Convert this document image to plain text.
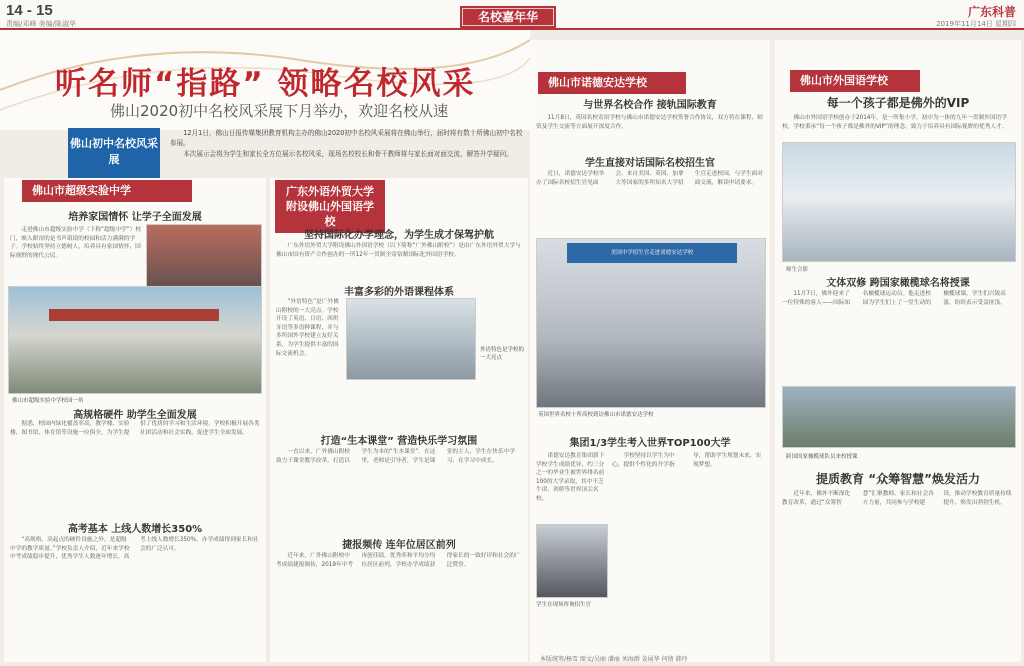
14 - 15
责编/邓峰 美编/陈淑华	名校嘉年华	广东科普
2019年11月14日 星期四
听名师“指路” 领略名校风采
佛山2020初中名校风采展下月举办，欢迎名校从速
佛山初中名校风采展

12月1日，佛山日报传媒集团教育机构主办的佛山2020初中名校风采展将在佛山举行，届时将有数十所佛山初中名校参展。

本次展示会将为学生和家长全方位展示名校风采，现场名校校长和骨干教师将与家长面对面交流，解答升学疑问。

佛山市超级实验中学
培养家国情怀 让学子全面发展

走进佛山市超级实验中学（下称“超级中学”）校门，映入眼帘的是书声琅琅的校园和活力满满的学子。学校始终坚持立德树人，培养具有家国情怀、国际视野的现代公民。

佛山市超级实验中学校园一角
高规格硬件 助学生全面发展

据悉，校园内绿化覆盖率高，教学楼、实验楼、图书馆、体育馆等设施一应俱全，为学生提供了优质的学习和生活环境。学校积极开展各类社团活动和社会实践，促进学生全面发展。

高考基本 上线人数增长350%

“高规格、高起点的硬件设施之外，是超级中学的教学质量。”学校负责人介绍，近年来学校中考成绩稳步提升，优秀学生人数逐年增长，高考上线人数增长350%，办学成绩得到家长和社会的广泛认可。

广东外语外贸大学 附设佛山外国语学校
坚持国际化办学理念，为学生成才保驾护航

广东外语外贸大学附设佛山外国语学校（以下简称“广外佛山附校”）是由广东外语外贸大学与佛山市国有资产合作创办的一所12年一贯制全寄宿制国际化外国语学校。

丰富多彩的外语课程体系

“外语特色”是广外佛山附校的一大亮点。学校开设了英语、日语、西班牙语等多语种课程，并与多所国外学校建立友好关系，为学生提供丰富的国际交流机会。

外语特色是学校的一大亮点
打造“生本课堂” 营造快乐学习氛围

一直以来，广外佛山附校致力于课堂教学改革，打造以学生为本的“生本课堂”。在这里，老师是引导者，学生是课堂的主人，学生在快乐中学习、在学习中成长。

捷报频传 连年位居区前列

近年来，广外佛山附校中考成绩捷报频传，2019年中考再创佳绩，优秀率和平均分均位居区前列，学校办学成绩获得家长的一致好评和社会的广泛赞誉。

佛山市诺德安达学校
与世界名校合作 接轨国际教育

11月8日，英国名校寄宿学校与佛山市诺德安达学校签署合作协议，双方将在课程、师资及学生交流等方面展开深度合作。

学生直接对话国际名校招生官

近日，诺德安达学校举办了国际名校招生官见面会，来自美国、英国、加拿大等国家的多所知名大学招生官走进校园，与学生面对面交流，解读申请要求。

美国中学招生官走进诺德安达学校
英国世界名校十所高校到访佛山市诺德安达学校
集团1/3学生考入世界TOP100大学

诺德安达教育集团旗下学校学生成绩优异，约三分之一的毕业生被世界排名前100的大学录取，其中不乏牛津、剑桥等世界顶尖名校。

学校坚持以学生为中心，提供个性化的升学指导，帮助学生规划未来，实现梦想。

学生在现场咨询招生官
佛山市外国语学校
每一个孩子都是佛外的VIP

佛山市外国语学校创办于2014年，是一所集小学、初中为一体的九年一贯制外国语学校，学校秉承“每一个孩子都是佛外的VIP”的理念，致力于培养具有国际视野的优秀人才。

师生合影
文体双修 跨国家橄榄球名将授课

11月7日，佛外迎来了一位特殊的客人——国际知名橄榄球运动员。他走进校园为学生们上了一堂生动的橄榄球课，学生们兴致高涨，纷纷表示受益匪浅。

跨国国家橄榄球队员来校授课
提质教育 “众筹智慧”焕发活力

近年来，佛外不断深化教育改革，通过“众筹智慧”汇聚教师、家长和社会各方力量，共同参与学校建设，推动学校教育质量持续提升，焕发出勃勃生机。

本版统筹/杨雪 图文/吴丽 潘丽 刘海群 姜展华 何倩 韩玲
